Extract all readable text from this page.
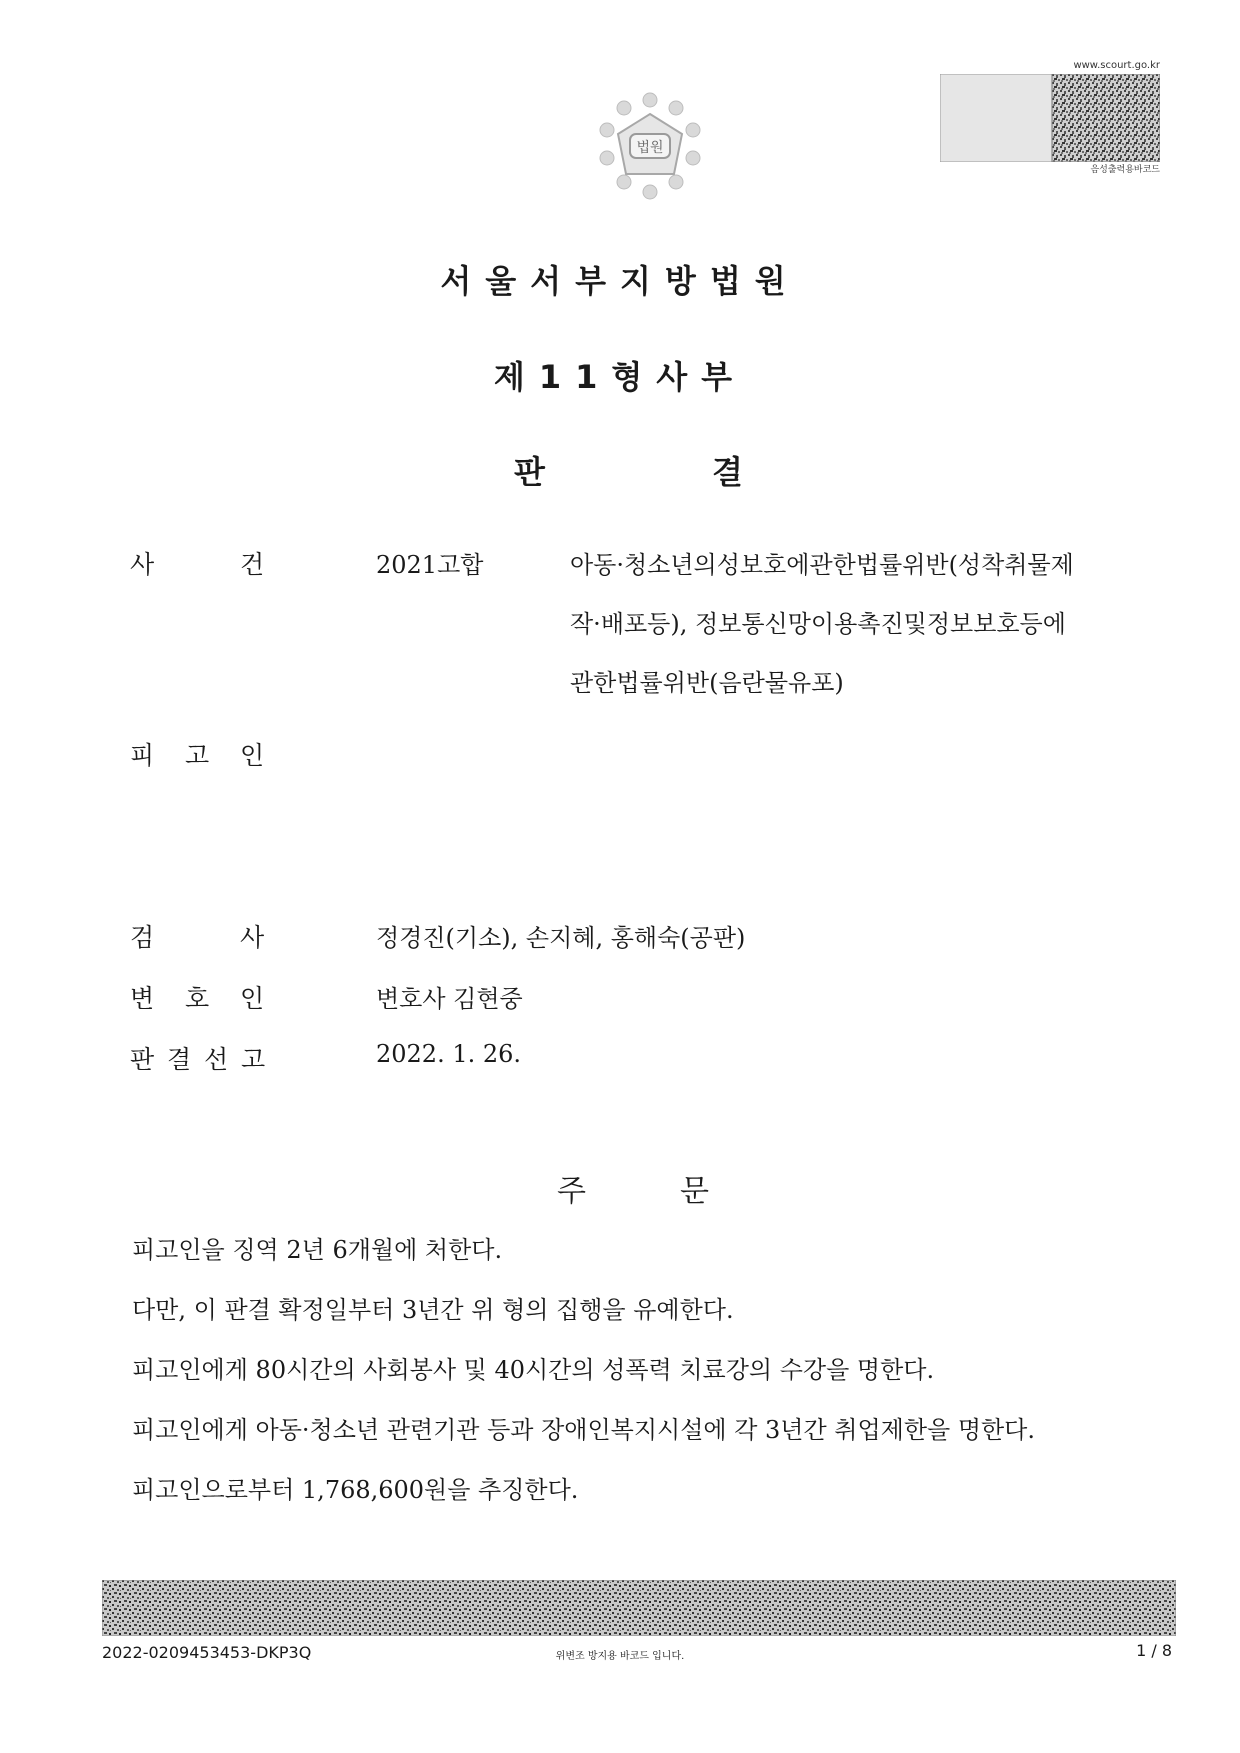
법원
www.scourt.go.kr
음성출력용바코드
서울서부지방법원
제11형사부
판	결
사	건	2021고합	아동·청소년의성보호에관한법률위반(성착취물제
작·배포등), 정보통신망이용촉진및정보보호등에
관한법률위반(음란물유포)
피 고 인
검	사	정경진(기소), 손지혜, 홍해숙(공판)
변 호 인	변호사 김현중
판 결 선 고	2022. 1. 26.
주	문
피고인을 징역 2년 6개월에 처한다.
다만, 이 판결 확정일부터 3년간 위 형의 집행을 유예한다.
피고인에게 80시간의 사회봉사 및 40시간의 성폭력 치료강의 수강을 명한다.
피고인에게 아동·청소년 관련기관 등과 장애인복지시설에 각 3년간 취업제한을 명한다.
피고인으로부터 1,768,600원을 추징한다.
2022-0209453453-DKP3Q	위변조 방지용 바코드 입니다.	1 / 8
